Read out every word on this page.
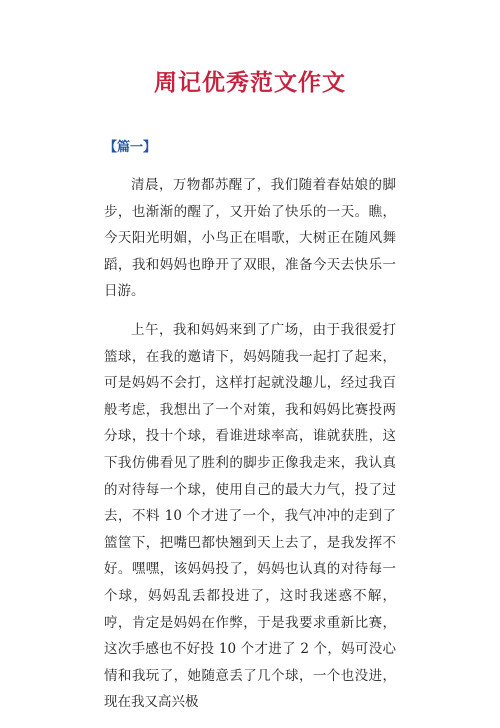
周记优秀范文作文
【篇一】

清晨，万物都苏醒了，我们随着春姑娘的脚步，也渐渐的醒了，又开始了快乐的一天。瞧，今天阳光明媚，小鸟正在唱歌，大树正在随风舞蹈，我和妈妈也睁开了双眼，准备今天去快乐一日游。

上午，我和妈妈来到了广场，由于我很爱打篮球，在我的邀请下，妈妈随我一起打了起来，可是妈妈不会打，这样打起就没趣儿，经过我百般考虑，我想出了一个对策，我和妈妈比赛投两分球，投十个球，看谁进球率高，谁就获胜，这下我仿佛看见了胜利的脚步正像我走来，我认真的对待每一个球，使用自己的最大力气，投了过去，不料 10 个才进了一个，我气冲冲的走到了篮筐下，把嘴巴都快翘到天上去了，是我发挥不好。嘿嘿，该妈妈投了，妈妈也认真的对待每一个球，妈妈乱丢都投进了，这时我迷惑不解，哼，肯定是妈妈在作弊，于是我要求重新比赛，这次手感也不好投 10 个才进了 2 个，妈可没心情和我玩了，她随意丢了几个球，一个也没进，现在我又高兴极
